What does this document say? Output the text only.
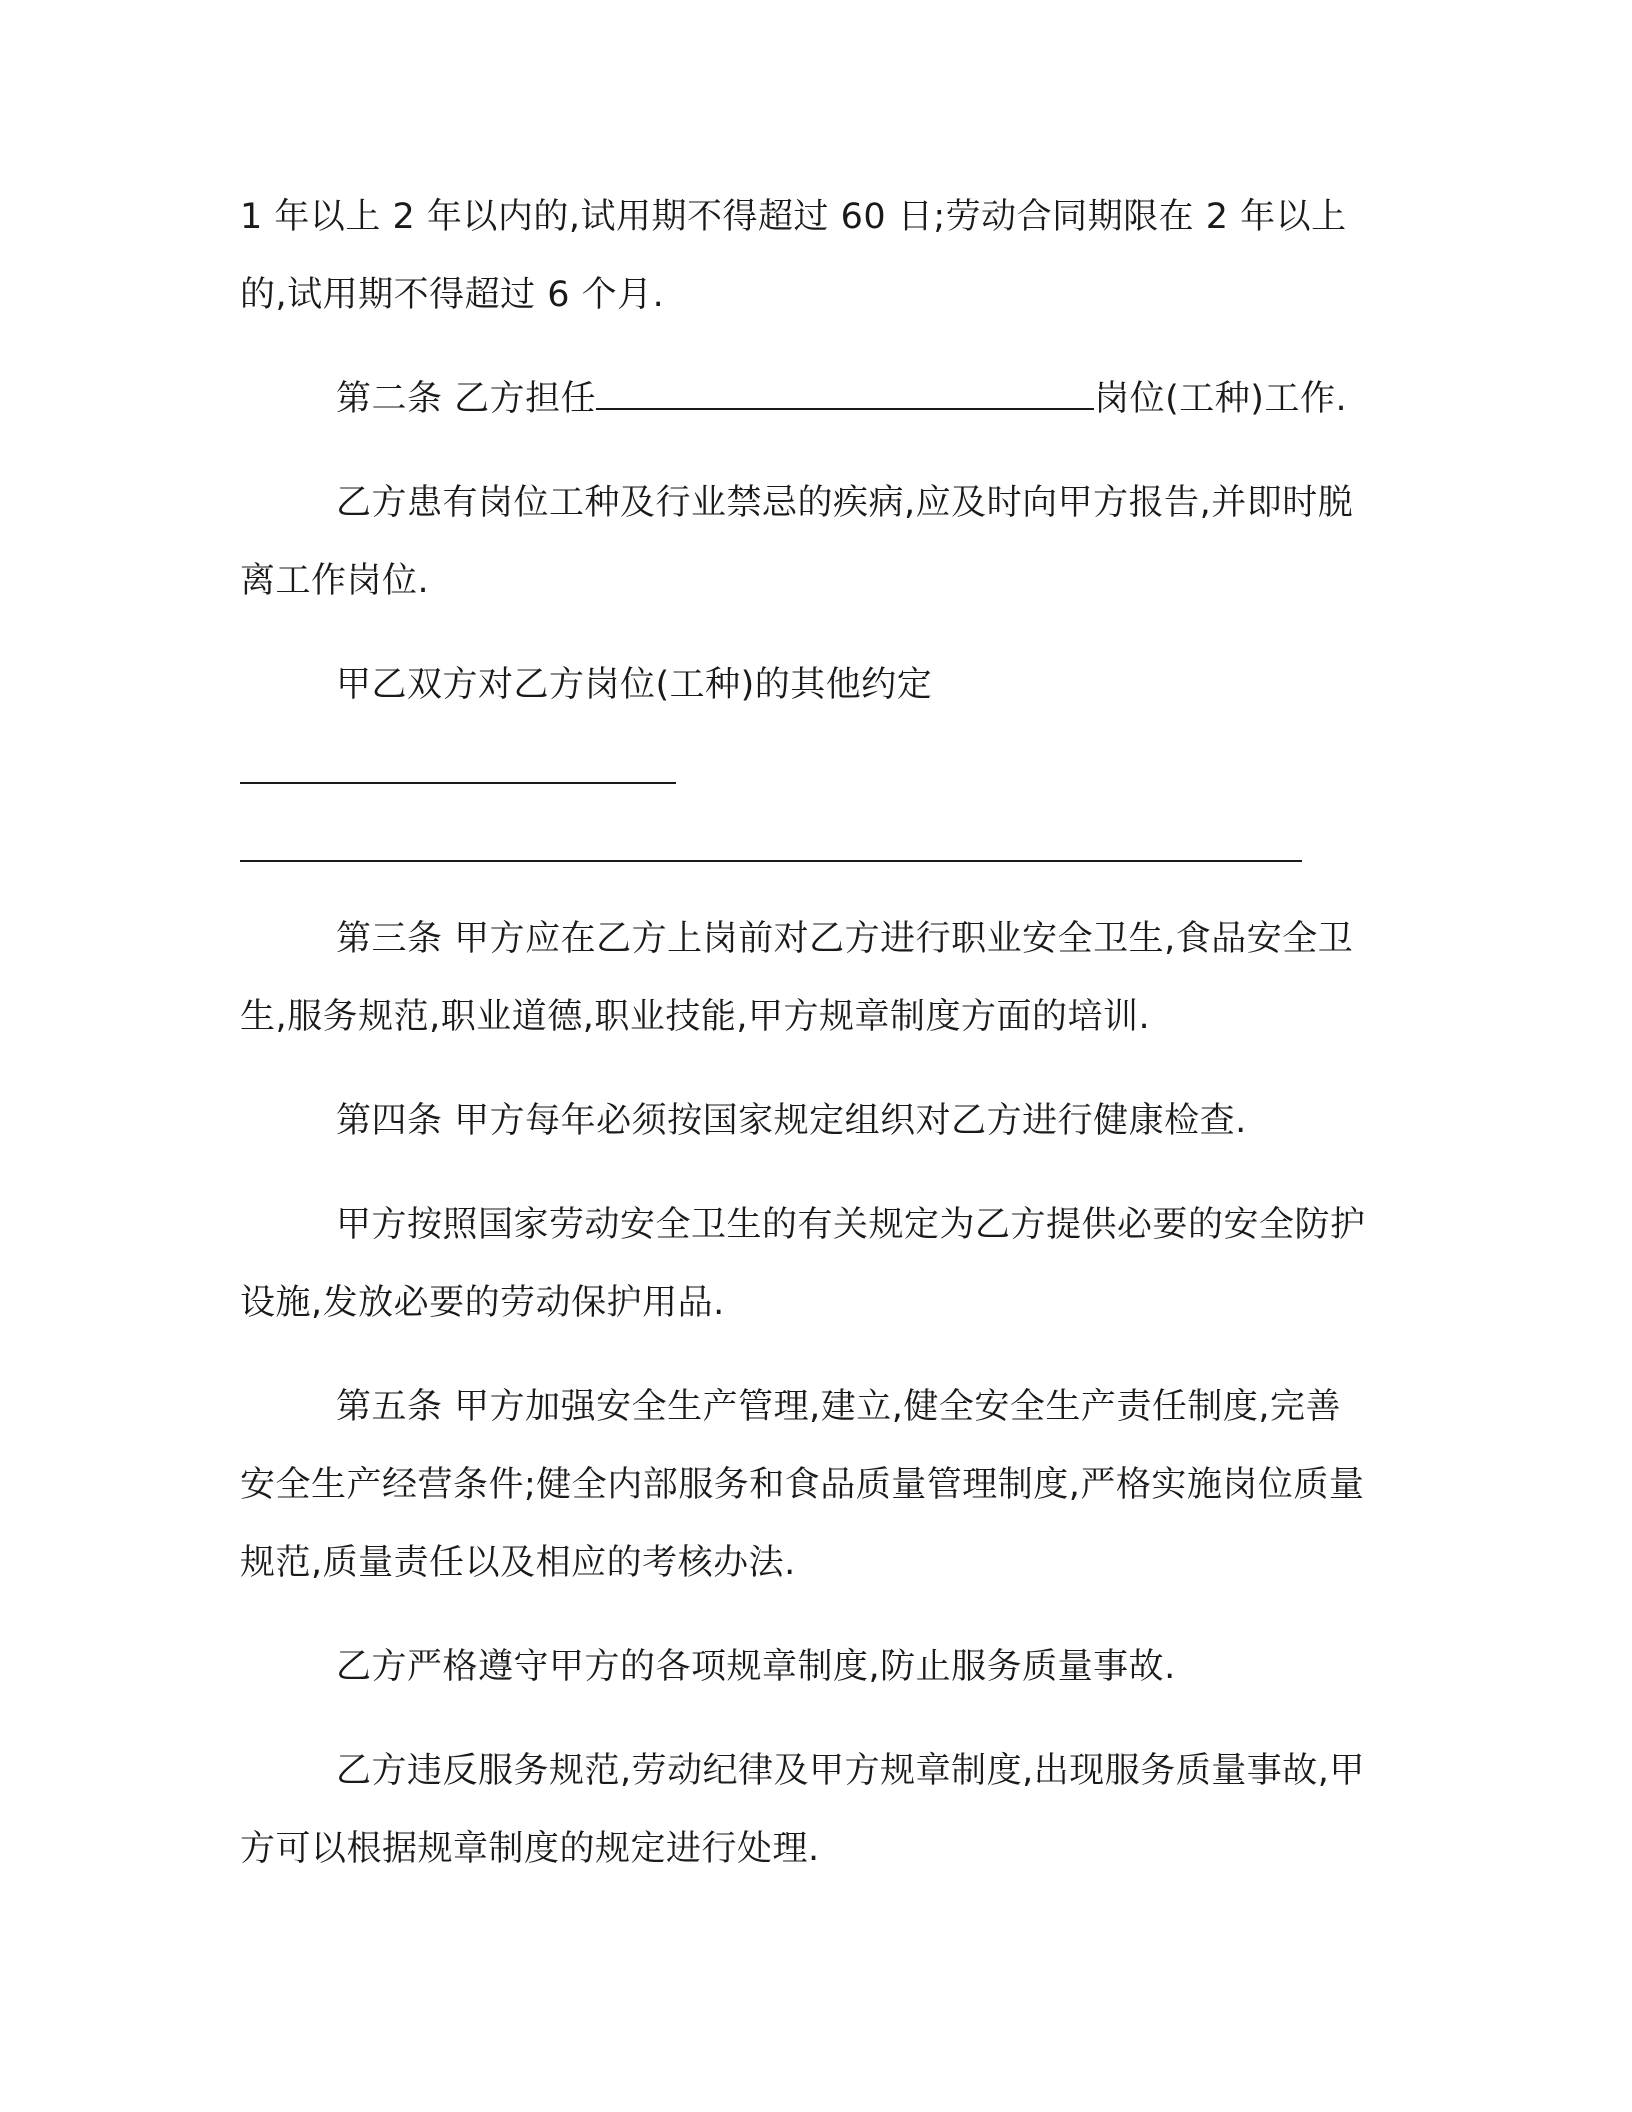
1 年以上 2 年以内的,试用期不得超过 60 日;劳动合同期限在 2 年以上
的,试用期不得超过 6 个月.
第二条 乙方担任	岗位(工种)工作.

乙方患有岗位工种及行业禁忌的疾病,应及时向甲方报告,并即时脱离工作岗位.

甲乙双方对乙方岗位(工种)的其他约定

第三条 甲方应在乙方上岗前对乙方进行职业安全卫生,食品安全卫生,服务规范,职业道德,职业技能,甲方规章制度方面的培训.

第四条 甲方每年必须按国家规定组织对乙方进行健康检查.

甲方按照国家劳动安全卫生的有关规定为乙方提供必要的安全防护设施,发放必要的劳动保护用品.

第五条 甲方加强安全生产管理,建立,健全安全生产责任制度,完善安全生产经营条件;健全内部服务和食品质量管理制度,严格实施岗位质量规范,质量责任以及相应的考核办法.

乙方严格遵守甲方的各项规章制度,防止服务质量事故.

乙方违反服务规范,劳动纪律及甲方规章制度,出现服务质量事故,甲方可以根据规章制度的规定进行处理.
